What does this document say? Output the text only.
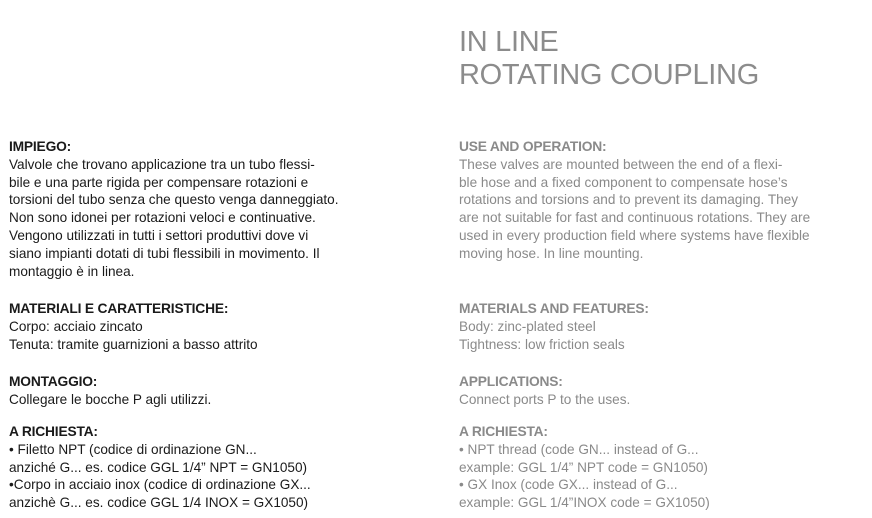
IN LINE
ROTATING COUPLING
IMPIEGO:
Valvole che trovano applicazione tra un tubo flessi-
bile e una parte rigida per compensare rotazioni e
torsioni del tubo senza che questo venga danneggiato.
Non sono idonei per rotazioni veloci e continuative.
Vengono utilizzati in tutti i settori produttivi dove vi
siano impianti dotati di tubi flessibili in movimento. Il
montaggio è in linea.
MATERIALI E CARATTERISTICHE:
Corpo: acciaio zincato
Tenuta: tramite guarnizioni a basso attrito
MONTAGGIO:
Collegare le bocche P agli utilizzi.
A RICHIESTA:
• Filetto NPT (codice di ordinazione GN...
anziché G... es. codice GGL 1/4” NPT = GN1050)
•Corpo in acciaio inox (codice di ordinazione GX...
anzichè G... es. codice GGL 1/4 INOX = GX1050)
USE AND OPERATION:
These valves are mounted between the end of a flexi-
ble hose and a fixed component to compensate hose’s
rotations and torsions and to prevent its damaging. They
are not suitable for fast and continuous rotations. They are
used in every production field where systems have flexible
moving hose. In line mounting.
MATERIALS AND FEATURES:
Body: zinc-plated steel
Tightness: low friction seals
APPLICATIONS:
Connect ports P to the uses.
A RICHIESTA:
• NPT thread (code GN... instead of G...
example: GGL 1/4” NPT code = GN1050)
• GX Inox (code GX... instead of G...
example: GGL 1/4”INOX code = GX1050)
